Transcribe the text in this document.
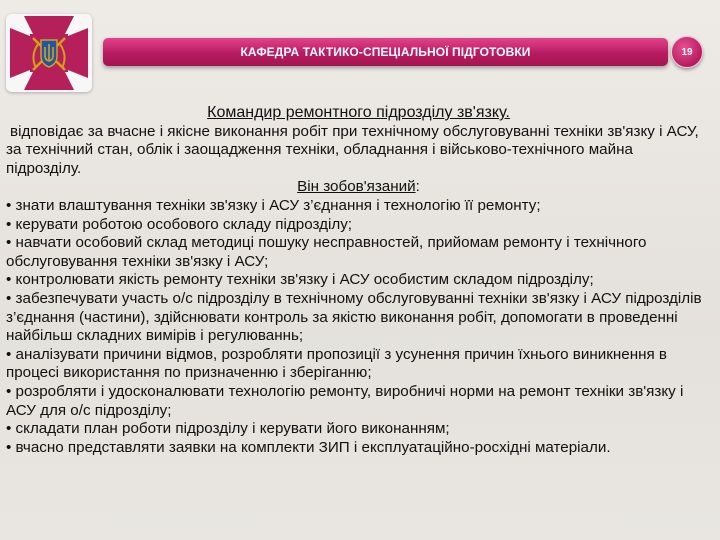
КАФЕДРА ТАКТИКО-СПЕЦІАЛЬНОЇ ПІДГОТОВКИ	19

Командир ремонтного підрозділу зв'язку.

відповідає за вчасне і якісне виконання робіт при технічному обслуговуванні техніки зв'язку і АСУ, за технічний стан, облік і заощадження техніки, обладнання і військово-технічного майна підрозділу.

Він зобов'язаний:

• знати влаштування техніки зв'язку і АСУ з’єднання і технологію її ремонту;

• керувати роботою особового складу підрозділу;

• навчати особовий склад методиці пошуку несправностей, прийомам ремонту і технічного обслуговування техніки зв'язку і АСУ;

• контролювати якість ремонту техніки зв'язку і АСУ особистим складом підрозділу;

• забезпечувати участь о/с підрозділу в технічному обслуговуванні техніки зв'язку і АСУ підрозділів з’єднання (частини), здійснювати контроль за якістю виконання робіт, допомогати в проведенні найбільш складних вимірів і регулюваннь;

• аналізувати причини відмов, розробляти пропозиції з усунення причин їхнього виникнення в процесі використання по призначенню і зберіганню;

• розробляти і удосконалювати технологію ремонту, виробничі норми на ремонт техніки зв'язку і АСУ для о/с підрозділу;

• складати план роботи підрозділу і керувати його виконанням;

• вчасно представляти заявки на комплекти ЗИП і експлуатаційно-росхідні матеріали.
